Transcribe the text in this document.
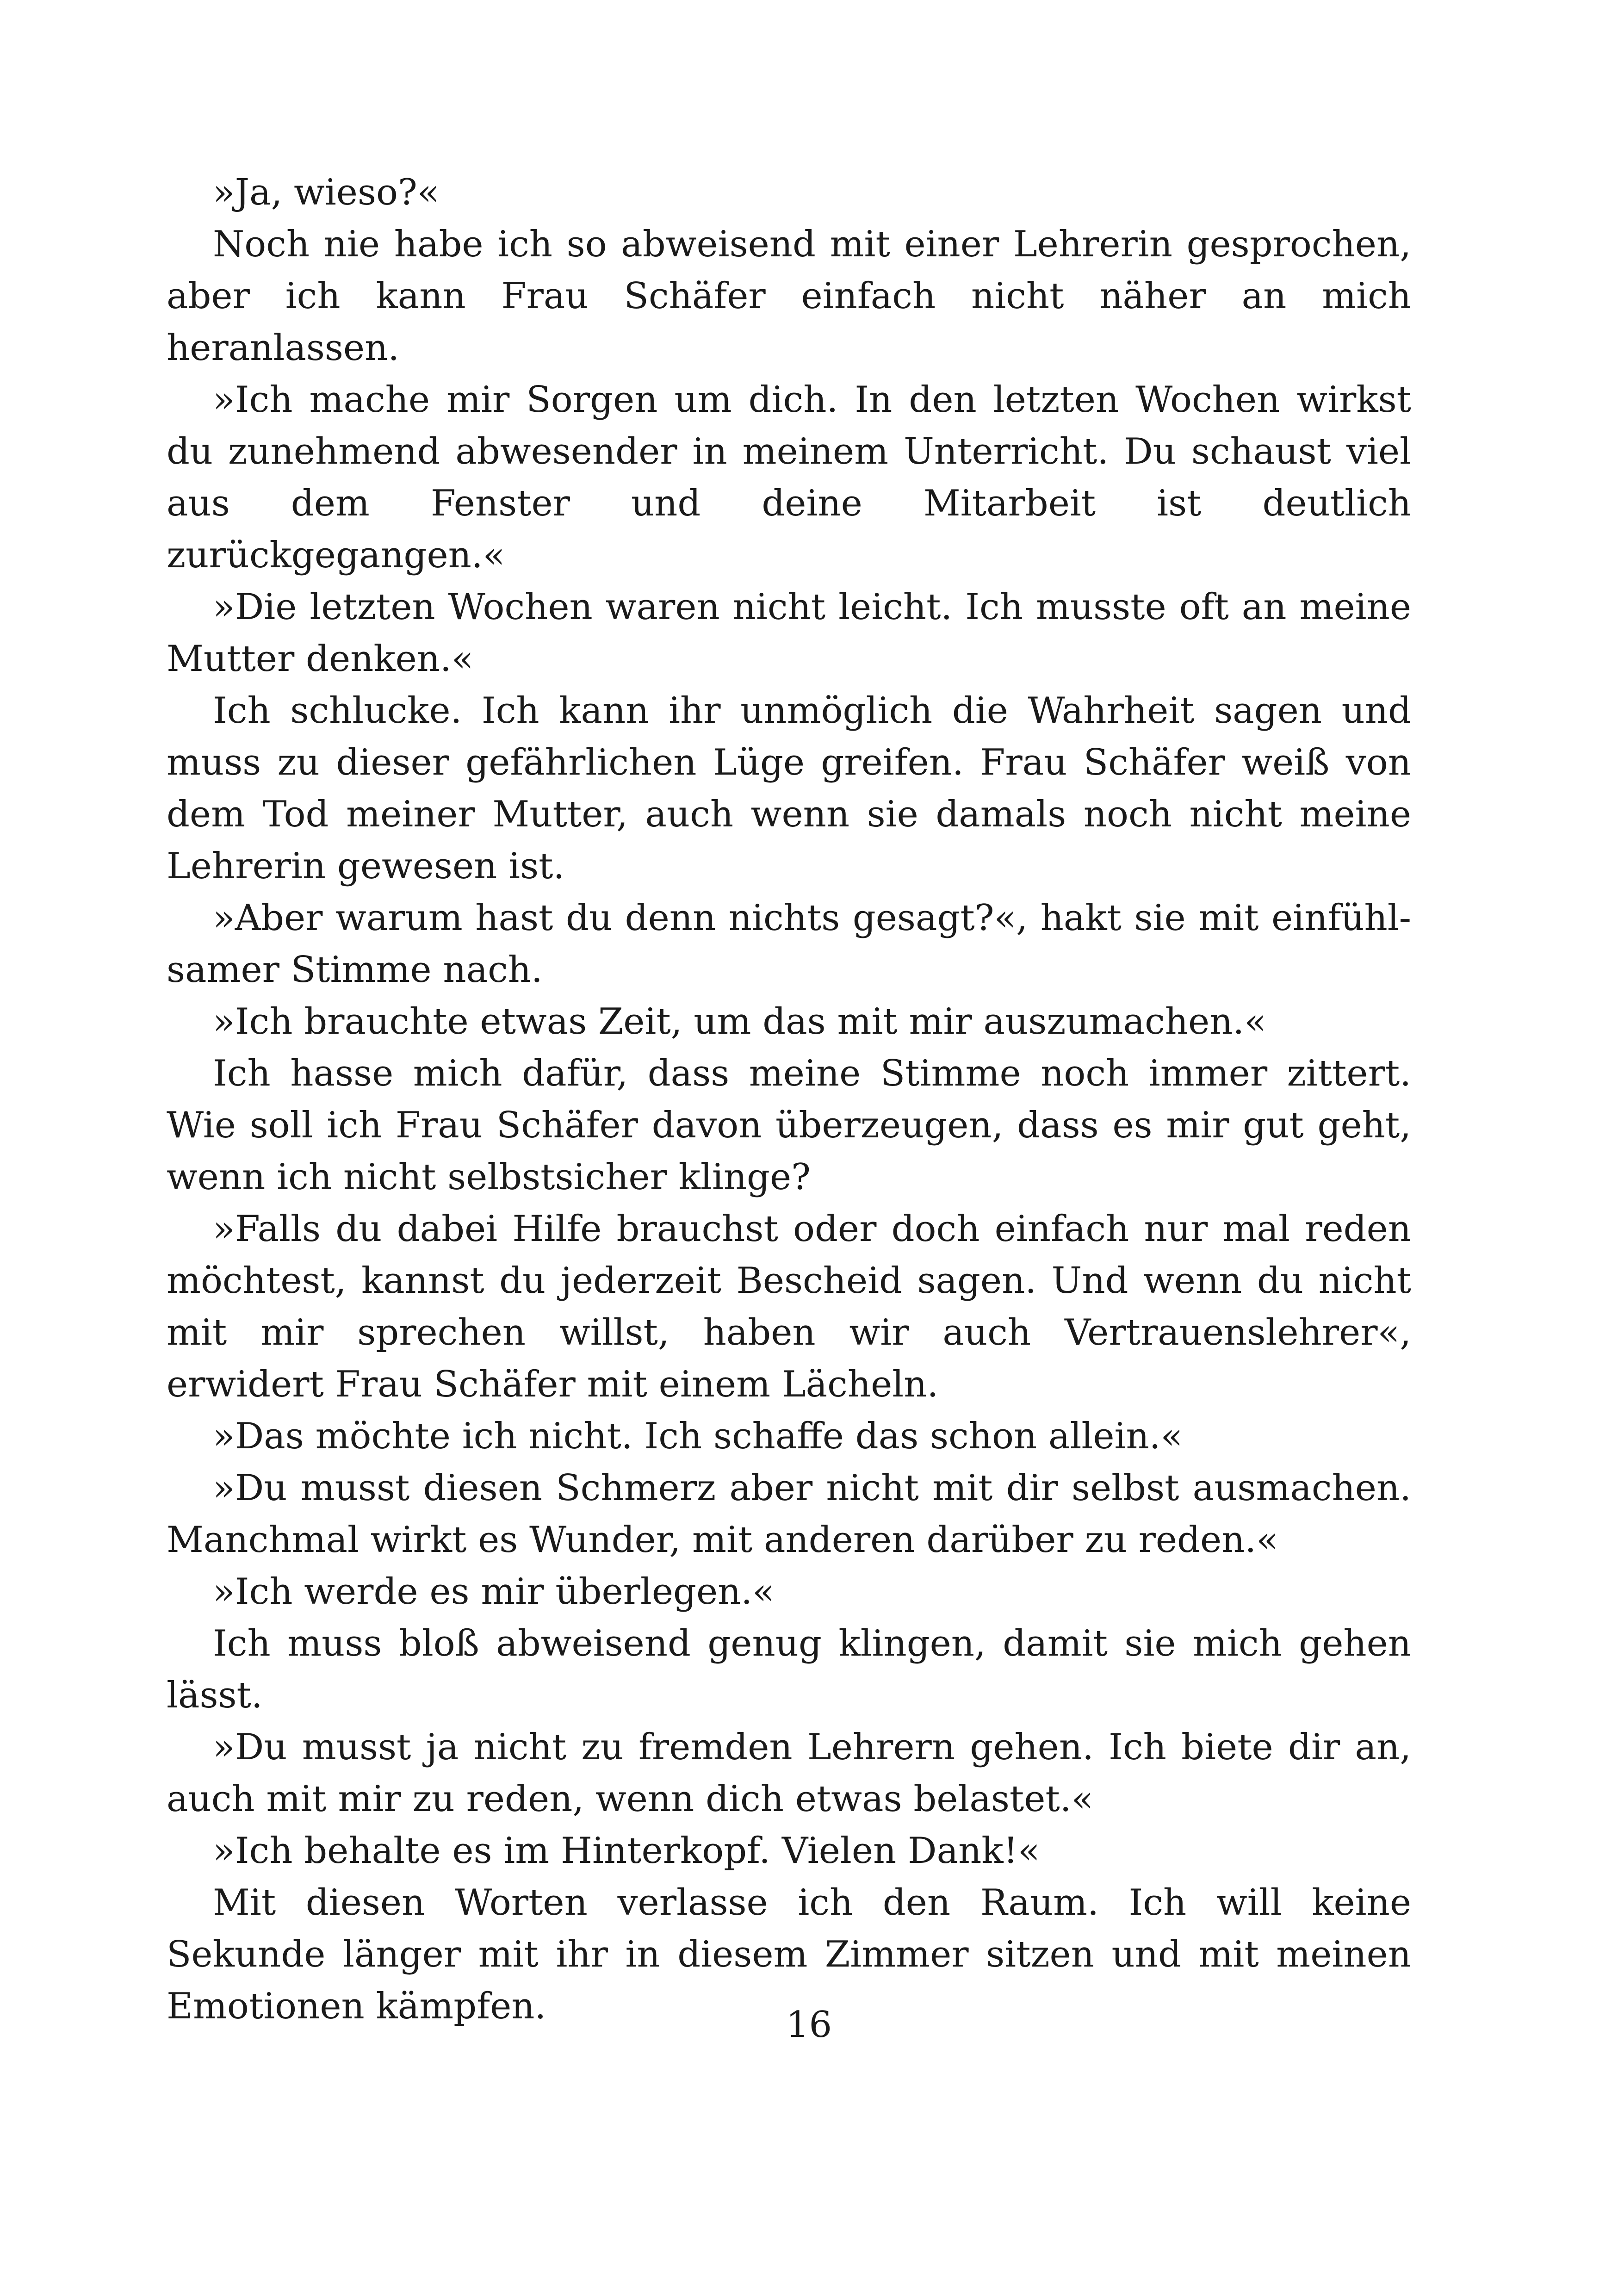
»Ja, wieso?«

Noch nie habe ich so abweisend mit einer Lehrerin gesprochen, aber ich kann Frau Schäfer einfach nicht näher an mich heranlassen.

»Ich mache mir Sorgen um dich. In den letzten Wochen wirkst du zunehmend abwesender in meinem Unterricht. Du schaust viel aus dem Fenster und deine Mitarbeit ist deutlich zurückgegangen.«

»Die letzten Wochen waren nicht leicht. Ich musste oft an meine Mutter denken.«

Ich schlucke. Ich kann ihr unmöglich die Wahrheit sagen und muss zu dieser gefährlichen Lüge greifen. Frau Schäfer weiß von dem Tod meiner Mutter, auch wenn sie damals noch nicht meine Lehrerin gewesen ist.

»Aber warum hast du denn nichts gesagt?«, hakt sie mit einfühlsamer Stimme nach.

»Ich brauchte etwas Zeit, um das mit mir auszumachen.«

Ich hasse mich dafür, dass meine Stimme noch immer zittert. Wie soll ich Frau Schäfer davon überzeugen, dass es mir gut geht, wenn ich nicht selbstsicher klinge?

»Falls du dabei Hilfe brauchst oder doch einfach nur mal reden möchtest, kannst du jederzeit Bescheid sagen. Und wenn du nicht mit mir sprechen willst, haben wir auch Vertrauenslehrer«, erwidert Frau Schäfer mit einem Lächeln.

»Das möchte ich nicht. Ich schaffe das schon allein.«

»Du musst diesen Schmerz aber nicht mit dir selbst ausmachen. Manchmal wirkt es Wunder, mit anderen darüber zu reden.«

»Ich werde es mir überlegen.«

Ich muss bloß abweisend genug klingen, damit sie mich gehen lässt.

»Du musst ja nicht zu fremden Lehrern gehen. Ich biete dir an, auch mit mir zu reden, wenn dich etwas belastet.«

»Ich behalte es im Hinterkopf. Vielen Dank!«

Mit diesen Worten verlasse ich den Raum. Ich will keine Sekunde länger mit ihr in diesem Zimmer sitzen und mit meinen Emotionen kämpfen.	16
